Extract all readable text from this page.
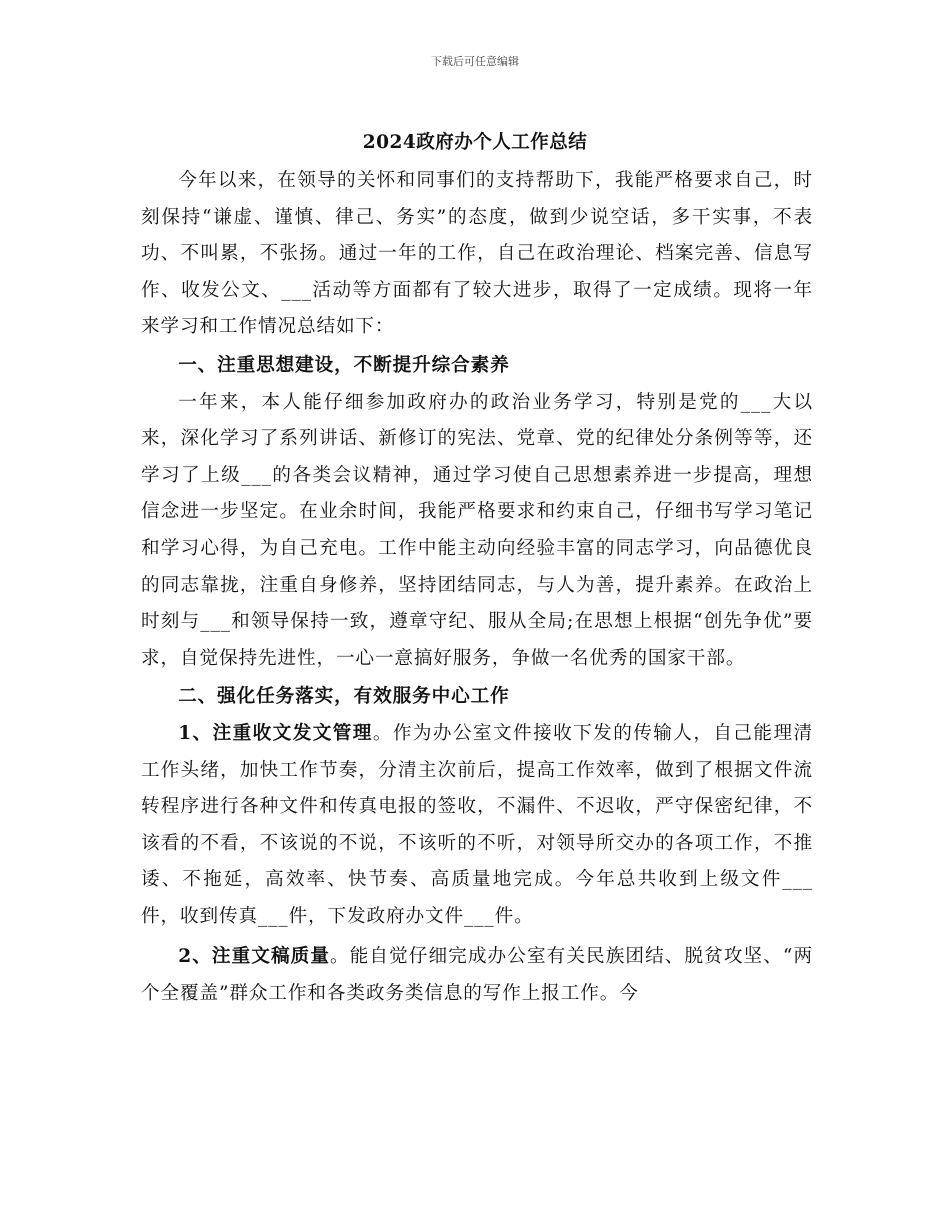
下载后可任意编辑
2024政府办个人工作总结

今年以来，在领导的关怀和同事们的支持帮助下，我能严格要求自己，时刻保持“谦虚、谨慎、律己、务实”的态度，做到少说空话，多干实事，不表功、不叫累，不张扬。通过一年的工作，自己在政治理论、档案完善、信息写作、收发公文、___活动等方面都有了较大进步，取得了一定成绩。现将一年来学习和工作情况总结如下：

一、注重思想建设，不断提升综合素养

一年来，本人能仔细参加政府办的政治业务学习，特别是党的___大以来，深化学习了系列讲话、新修订的宪法、党章、党的纪律处分条例等等，还学习了上级___的各类会议精神，通过学习使自己思想素养进一步提高，理想信念进一步坚定。在业余时间，我能严格要求和约束自己，仔细书写学习笔记和学习心得，为自己充电。工作中能主动向经验丰富的同志学习，向品德优良的同志靠拢，注重自身修养，坚持团结同志，与人为善，提升素养。在政治上时刻与___和领导保持一致，遵章守纪、服从全局;在思想上根据“创先争优”要求，自觉保持先进性，一心一意搞好服务，争做一名优秀的国家干部。

二、强化任务落实，有效服务中心工作

1、注重收文发文管理。作为办公室文件接收下发的传输人，自己能理清工作头绪，加快工作节奏，分清主次前后，提高工作效率，做到了根据文件流转程序进行各种文件和传真电报的签收，不漏件、不迟收，严守保密纪律，不该看的不看，不该说的不说，不该听的不听，对领导所交办的各项工作，不推诿、不拖延，高效率、快节奏、高质量地完成。今年总共收到上级文件___件，收到传真___件，下发政府办文件___件。

2、注重文稿质量。能自觉仔细完成办公室有关民族团结、脱贫攻坚、“两个全覆盖”群众工作和各类政务类信息的写作上报工作。今
